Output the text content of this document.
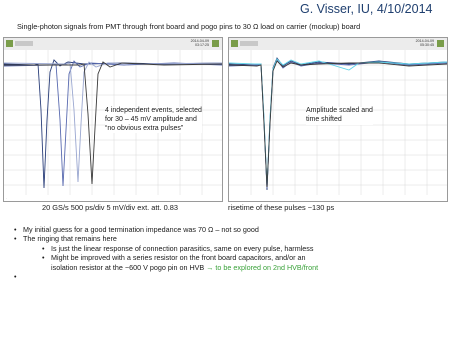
G. Visser, IU, 4/10/2014
Single-photon signals from PMT through front board and pogo pins to 30 Ω load on carrier (mockup) board
2014-04-09
03:17:25
·
2014-04-09
05:30:45
4 independent events, selected
for 30 – 45 mV amplitude and
“no obvious extra pulses”
Amplitude scaled and
time shifted
20 GS/s 500 ps/div 5 mV/div ext. att. 0.83	risetime of these pulses ~130 ps
• My initial guess for a good termination impedance was 70 Ω – not so good
• The ringing that remains here
• Is just the linear response of connection parasitics, same on every pulse, harmless
• Might be improved with a series resistor on the front board capacitors, and/or an
isolation resistor at the −600 V pogo pin on HVB → to be explored on 2nd HVB/front
